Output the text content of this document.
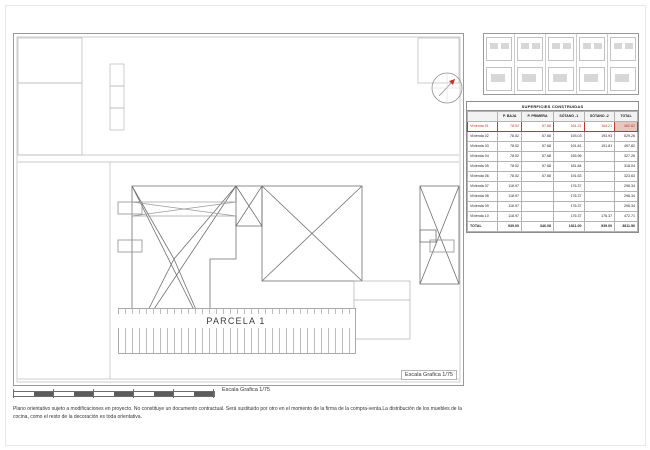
PARCELA 1
Escala Grafica 1/75
Escala Grafica 1/75
Plano orientativo sujeto a modificaciones en proyecto. No constituye un documento contractual. Será sustituido por otro en el momento de la firma de la compra-venta.La distribución de los muebles de la cocina, como el resto de la decoración es toda orientativa.
SUPERFICIES CONSTRUIDAS
	P. BAJA	P. PRIMERA	SÓTANO -1	SÓTANO -2	TOTAL
Vivienda 01	78.52	57.68	164.21	164.21	462.62
Vivienda 02	78.52	57.68	193.03	193.93	529.26
Vivienda 03	78.52	57.68	191.81	191.81	497.82
Vivienda 04	78.52	57.68	155.96		327.26
Vivienda 05	78.52	57.68	181.84		318.04
Vivienda 06	78.52	57.68	191.63		323.63
Vivienda 07	118.97		176.37		296.34
Vivienda 08	118.97		176.37		296.34
Vivienda 09	118.97		176.37		296.34
Vivienda 10	118.97		176.37	176.37	472.71
TOTAL	939.00	346.08	1811.00	939.00	3811.56
